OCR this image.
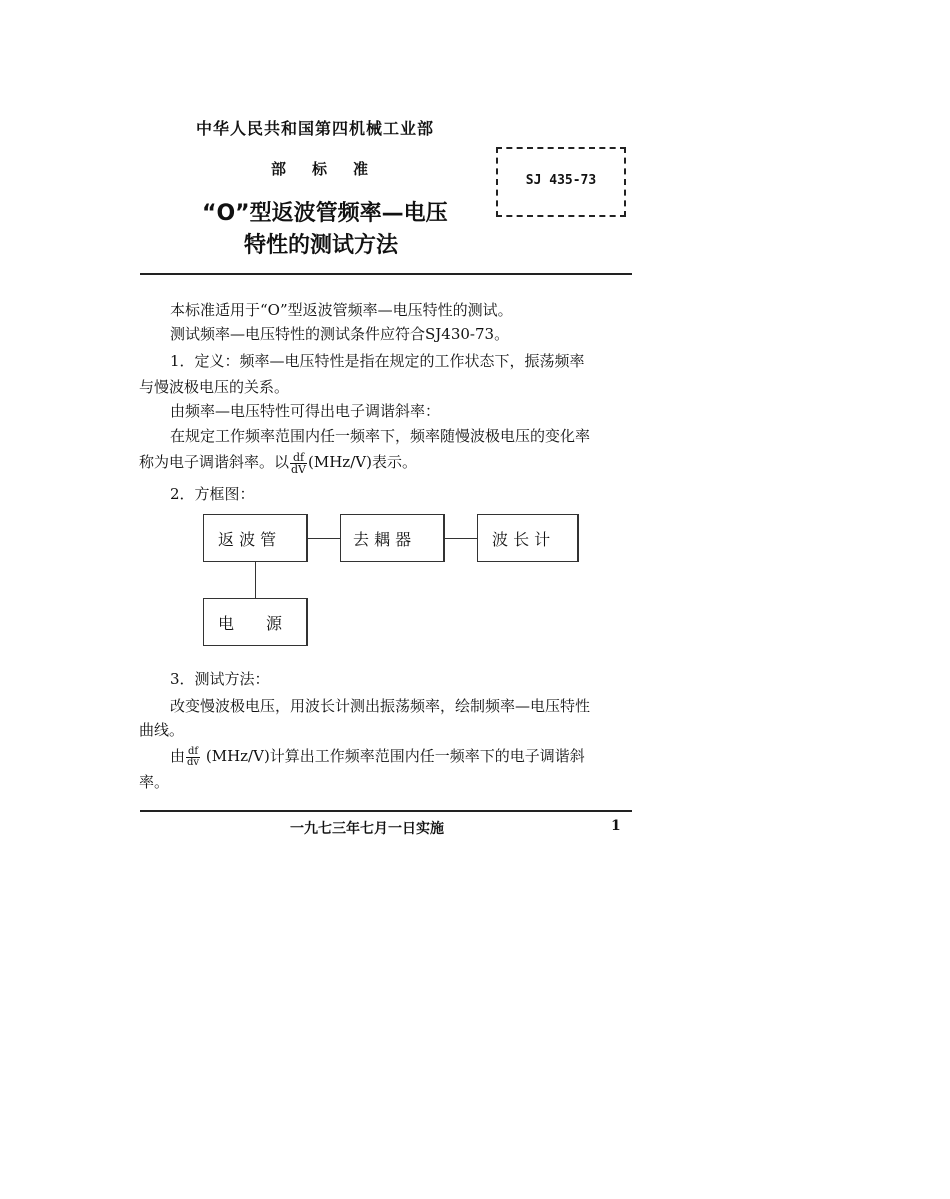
中华人民共和国第四机械工业部
部标准
“O”型返波管频率—电压
特性的测试方法
SJ 435-73
本标准适用于“O”型返波管频率—电压特性的测试。
测试频率—电压特性的测试条件应符合SJ430-73。
1．定义：频率—电压特性是指在规定的工作状态下，振荡频率
与慢波极电压的关系。
由频率—电压特性可得出电子调谐斜率：
在规定工作频率范围内任一频率下，频率随慢波极电压的变化率
称为电子调谐斜率。以 $\frac{df}{dV} (MHz/V)$表示。
2．方框图：
返 波 管	去 耦 器	波 长 计
电　　源
3．测试方法：
改变慢波极电压，用波长计测出振荡频率，绘制频率—电压特性
曲线。
由 $\frac{df}{dv} (MHz/V)$计算出工作频率范围内任一频率下的电子调谐斜
率。
一九七三年七月一日实施	1
